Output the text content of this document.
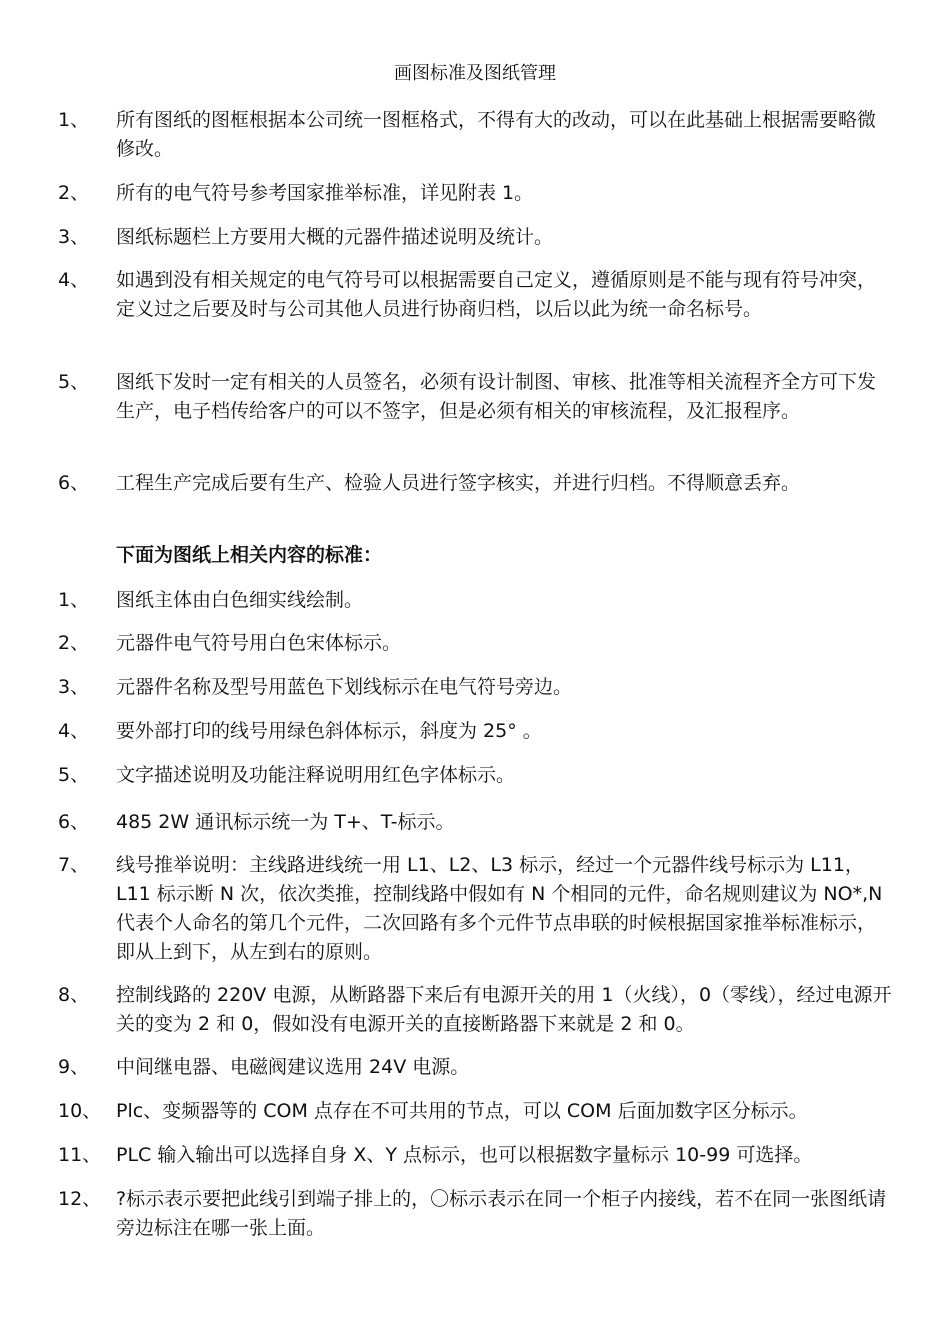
画图标准及图纸管理
1、	所有图纸的图框根据本公司统一图框格式，不得有大的改动，可以在此基础上根据需要略微修改。
2、	所有的电气符号参考国家推举标准，详见附表 1。
3、	图纸标题栏上方要用大概的元器件描述说明及统计。
4、	如遇到没有相关规定的电气符号可以根据需要自己定义，遵循原则是不能与现有符号冲突，定义过之后要及时与公司其他人员进行协商归档，以后以此为统一命名标号。
5、	图纸下发时一定有相关的人员签名，必须有设计制图、审核、批准等相关流程齐全方可下发生产，电子档传给客户的可以不签字，但是必须有相关的审核流程，及汇报程序。
6、	工程生产完成后要有生产、检验人员进行签字核实，并进行归档。不得顺意丢弃。
下面为图纸上相关内容的标准：
1、	图纸主体由白色细实线绘制。
2、	元器件电气符号用白色宋体标示。
3、	元器件名称及型号用蓝色下划线标示在电气符号旁边。
4、	要外部打印的线号用绿色斜体标示，斜度为 25° 。
5、	文字描述说明及功能注释说明用红色字体标示。
6、	485 2W 通讯标示统一为 T+、T-标示。
7、	线号推举说明：主线路进线统一用 L1、L2、L3 标示，经过一个元器件线号标示为 L11， L11 标示断 N 次，依次类推，控制线路中假如有 N 个相同的元件，命名规则建议为 NO*,N 代表个人命名的第几个元件，二次回路有多个元件节点串联的时候根据国家推举标准标示，即从上到下，从左到右的原则。
8、	控制线路的 220V 电源，从断路器下来后有电源开关的用 1（火线），0（零线），经过电源开关的变为 2 和 0，假如没有电源开关的直接断路器下来就是 2 和 0。
9、	中间继电器、电磁阀建议选用 24V 电源。
10、 Plc、变频器等的 COM 点存在不可共用的节点，可以 COM 后面加数字区分标示。
11、 PLC 输入输出可以选择自身 X、Y 点标示，也可以根据数字量标示 10-99 可选择。
12、 ?标示表示要把此线引到端子排上的，〇标示表示在同一个柜子内接线，若不在同一张图纸请旁边标注在哪一张上面。
